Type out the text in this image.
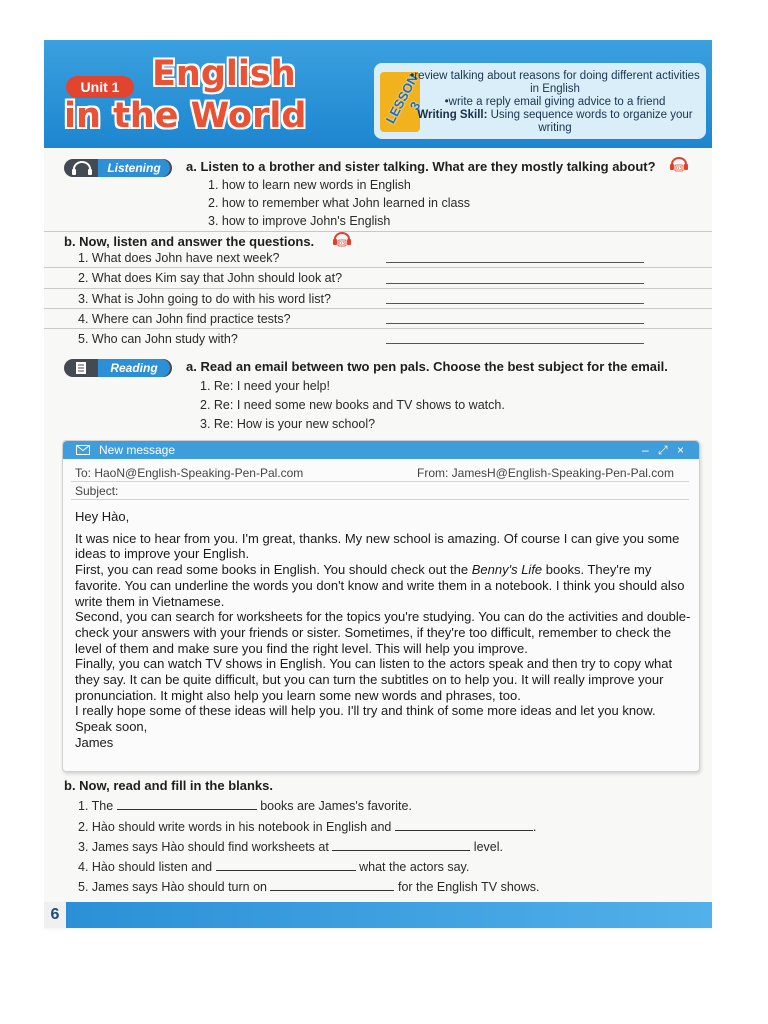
Unit 1 English
in the World	LESSON 3
• review talking about reasons for doing different activities in English
• write a reply email giving advice to a friend
Writing Skill: Using sequence words to organize your writing
Listening	a. Listen to a brother and sister talking. What are they mostly talking about?	03
1. how to learn new words in English
2. how to remember what John learned in class
3. how to improve John's English
b. Now, listen and answer the questions.	03
1. What does John have next week?
2. What does Kim say that John should look at?
3. What is John going to do with his word list?
4. Where can John find practice tests?
5. Who can John study with?
Reading	a. Read an email between two pen pals. Choose the best subject for the email.
1. Re: I need your help!
2. Re: I need some new books and TV shows to watch.
3. Re: How is your new school?
New message	– ⤢ ×
To: HaoN@English-Speaking-Pen-Pal.com	From: JamesH@English-Speaking-Pen-Pal.com
Subject:

Hey Hào,

It was nice to hear from you. I'm great, thanks. My new school is amazing. Of course I can give you some ideas to improve your English.

First, you can read some books in English. You should check out the Benny's Life books. They're my favorite. You can underline the words you don't know and write them in a notebook. I think you should also write them in Vietnamese.

Second, you can search for worksheets for the topics you're studying. You can do the activities and double-check your answers with your friends or sister. Sometimes, if they're too difficult, remember to check the level of them and make sure you find the right level. This will help you improve.

Finally, you can watch TV shows in English. You can listen to the actors speak and then try to copy what they say. It can be quite difficult, but you can turn the subtitles on to help you. It will really improve your pronunciation. It might also help you learn some new words and phrases, too.

I really hope some of these ideas will help you. I'll try and think of some more ideas and let you know.

Speak soon,

James

b. Now, read and fill in the blanks.
1. The	books are James's favorite.
2. Hào should write words in his notebook in English and	.
3. James says Hào should find worksheets at	level.
4. Hào should listen and	what the actors say.
5. James says Hào should turn on	for the English TV shows.
6
